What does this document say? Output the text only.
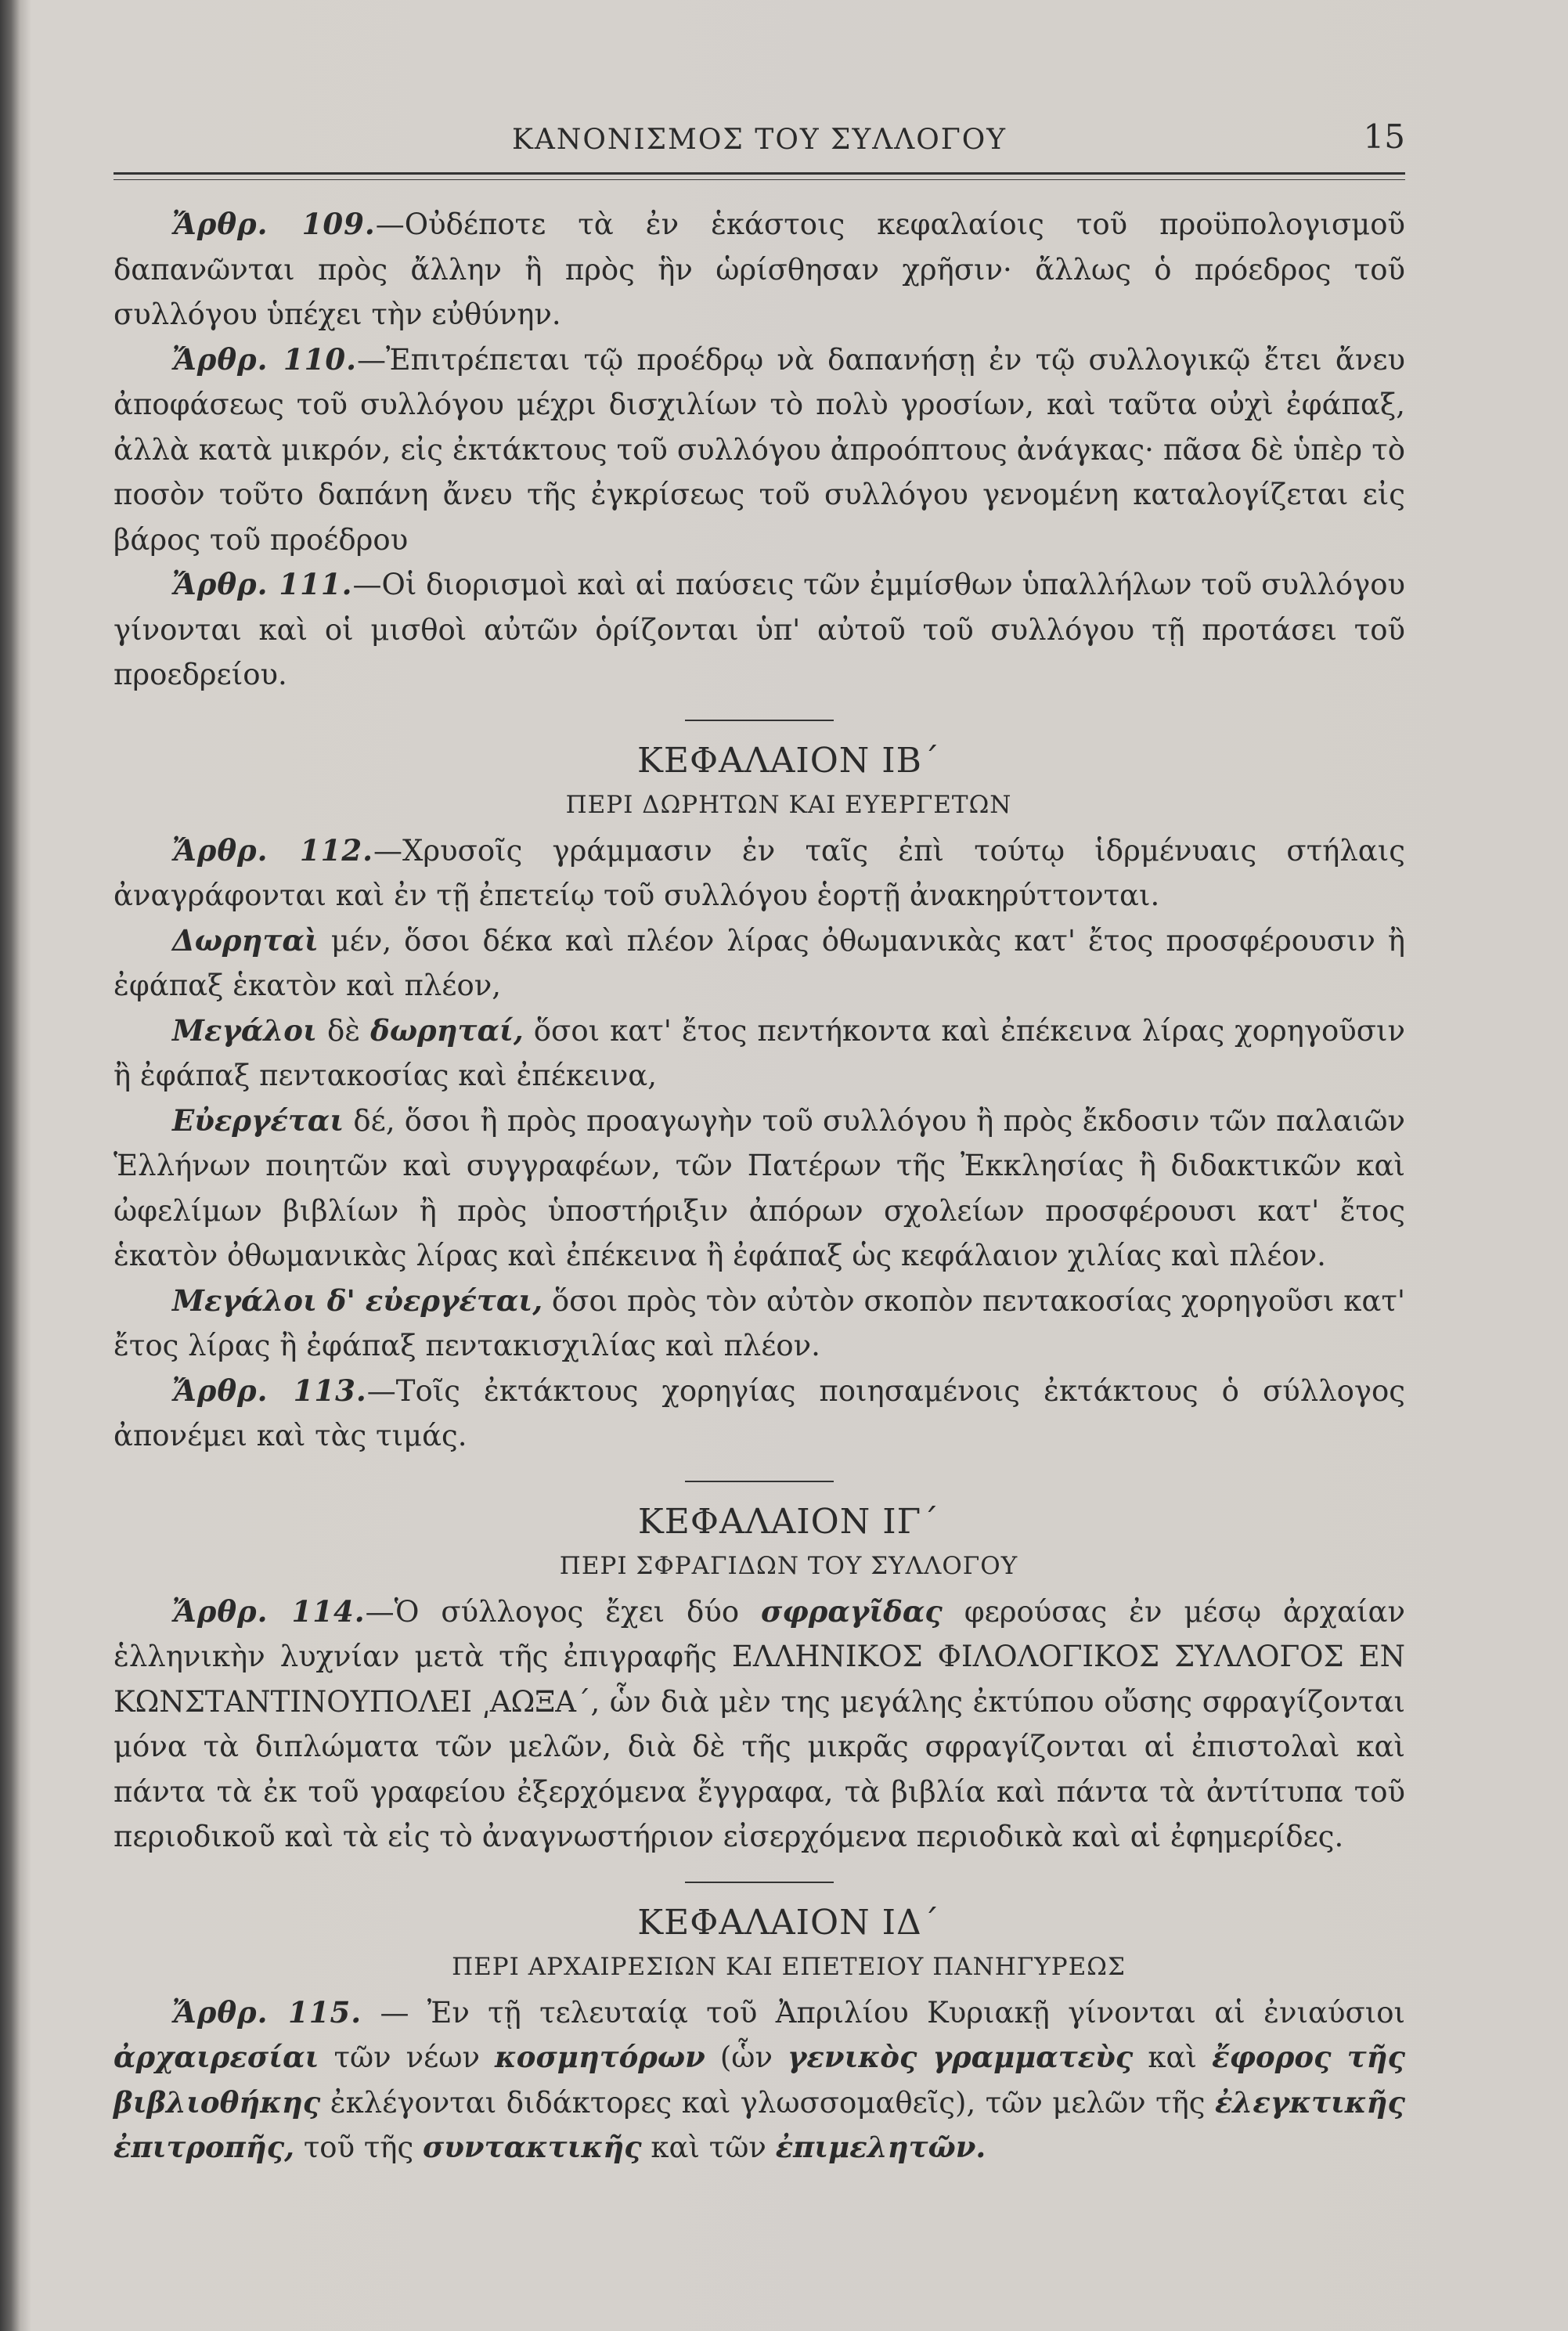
ΚΑΝΟΝΙΣΜΟΣ ΤΟΥ ΣΥΛΛΟΓΟΥ	15

Ἄρθρ. 109.—Οὐδέποτε τὰ ἐν ἑκάστοις κεφαλαίοις τοῦ προϋπολογισμοῦ δαπανῶνται πρὸς ἄλλην ἢ πρὸς ἣν ὡρίσθησαν χρῆσιν· ἄλλως ὁ πρόεδρος τοῦ συλλόγου ὑπέχει τὴν εὐθύνην.

Ἄρθρ. 110.—Ἐπιτρέπεται τῷ προέδρῳ νὰ δαπανήσῃ ἐν τῷ συλλογικῷ ἔτει ἄνευ ἀποφάσεως τοῦ συλλόγου μέχρι δισχιλίων τὸ πολὺ γροσίων, καὶ ταῦτα οὐχὶ ἐφάπαξ, ἀλλὰ κατὰ μικρόν, εἰς ἐκτάκτους τοῦ συλλόγου ἀπροόπτους ἀνάγκας· πᾶσα δὲ ὑπὲρ τὸ ποσὸν τοῦτο δαπάνη ἄνευ τῆς ἐγκρίσεως τοῦ συλλόγου γενομένη καταλογίζεται εἰς βάρος τοῦ προέδρου

Ἄρθρ. 111.—Οἱ διορισμοὶ καὶ αἱ παύσεις τῶν ἐμμίσθων ὑπαλλήλων τοῦ συλλόγου γίνονται καὶ οἱ μισθοὶ αὐτῶν ὁρίζονται ὑπ' αὐτοῦ τοῦ συλλόγου τῇ προτάσει τοῦ προεδρείου.

ΚΕΦΑΛΑΙΟΝ ΙΒ΄

ΠΕΡΙ ΔΩΡΗΤΩΝ ΚΑΙ ΕΥΕΡΓΕΤΩΝ

Ἄρθρ. 112.—Χρυσοῖς γράμμασιν ἐν ταῖς ἐπὶ τούτῳ ἱδρμένυαις στήλαις ἀναγράφονται καὶ ἐν τῇ ἐπετείῳ τοῦ συλλόγου ἑορτῇ ἀνακηρύττονται.

Δωρηταὶ μέν, ὅσοι δέκα καὶ πλέον λίρας ὀθωμανικὰς κατ' ἔτος προσφέρουσιν ἢ ἐφάπαξ ἑκατὸν καὶ πλέον,

Μεγάλοι δὲ δωρηταί, ὅσοι κατ' ἔτος πεντήκοντα καὶ ἐπέκεινα λίρας χορηγοῦσιν ἢ ἐφάπαξ πεντακοσίας καὶ ἐπέκεινα,

Εὐεργέται δέ, ὅσοι ἢ πρὸς προαγωγὴν τοῦ συλλόγου ἢ πρὸς ἔκδοσιν τῶν παλαιῶν Ἑλλήνων ποιητῶν καὶ συγγραφέων, τῶν Πατέρων τῆς Ἐκκλησίας ἢ διδακτικῶν καὶ ὠφελίμων βιβλίων ἢ πρὸς ὑποστήριξιν ἀπόρων σχολείων προσφέρουσι κατ' ἔτος ἑκατὸν ὀθωμανικὰς λίρας καὶ ἐπέκεινα ἢ ἐφάπαξ ὡς κεφάλαιον χιλίας καὶ πλέον.

Μεγάλοι δ' εὐεργέται, ὅσοι πρὸς τὸν αὐτὸν σκοπὸν πεντακοσίας χορηγοῦσι κατ' ἔτος λίρας ἢ ἐφάπαξ πεντακισχιλίας καὶ πλέον.

Ἄρθρ. 113.—Τοῖς ἐκτάκτους χορηγίας ποιησαμένοις ἐκτάκτους ὁ σύλλογος ἀπονέμει καὶ τὰς τιμάς.

ΚΕΦΑΛΑΙΟΝ ΙΓ΄

ΠΕΡΙ ΣΦΡΑΓΙΔΩΝ ΤΟΥ ΣΥΛΛΟΓΟΥ

Ἄρθρ. 114.—Ὁ σύλλογος ἔχει δύο σφραγῖδας φερούσας ἐν μέσῳ ἀρχαίαν ἑλληνικὴν λυχνίαν μετὰ τῆς ἐπιγραφῆς ΕΛΛΗΝΙΚΟΣ ΦΙΛΟΛΟΓΙΚΟΣ ΣΥΛΛΟΓΟΣ ΕΝ ΚΩΝΣΤΑΝΤΙΝΟΥΠΟΛΕΙ ͵ΑΩΞΑ΄, ὧν διὰ μὲν της μεγάλης ἐκτύπου οὔσης σφραγίζονται μόνα τὰ διπλώματα τῶν μελῶν, διὰ δὲ τῆς μικρᾶς σφραγίζονται αἱ ἐπιστολαὶ καὶ πάντα τὰ ἐκ τοῦ γραφείου ἐξερχόμενα ἔγγραφα, τὰ βιβλία καὶ πάντα τὰ ἀντίτυπα τοῦ περιοδικοῦ καὶ τὰ εἰς τὸ ἀναγνωστήριον εἰσερχόμενα περιοδικὰ καὶ αἱ ἐφημερίδες.

ΚΕΦΑΛΑΙΟΝ ΙΔ΄

ΠΕΡΙ ΑΡΧΑΙΡΕΣΙΩΝ ΚΑΙ ΕΠΕΤΕΙΟΥ ΠΑΝΗΓΥΡΕΩΣ

Ἄρθρ. 115. — Ἐν τῇ τελευταίᾳ τοῦ Ἀπριλίου Κυριακῇ γίνονται αἱ ἐνιαύσιοι ἀρχαιρεσίαι τῶν νέων κοσμητόρων (ὧν γενικὸς γραμματεὺς καὶ ἔφορος τῆς βιβλιοθήκης ἐκλέγονται διδάκτορες καὶ γλωσσομαθεῖς), τῶν μελῶν τῆς ἐλεγκτικῆς ἐπιτροπῆς, τοῦ τῆς συντακτικῆς καὶ τῶν ἐπιμελητῶν.
